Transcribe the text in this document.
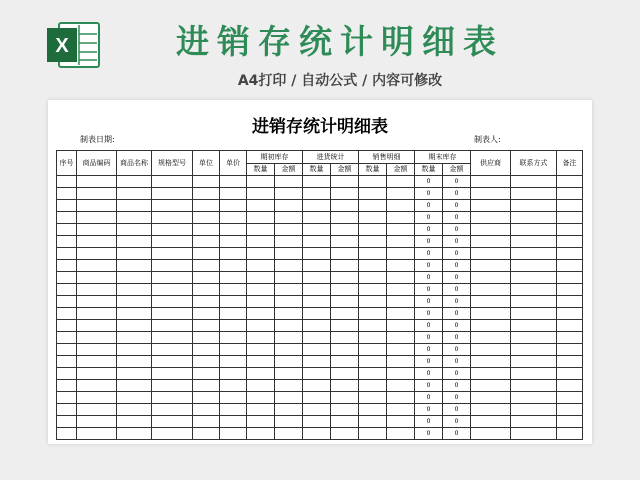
X	进销存统计明细表
A4打印 / 自动公式 / 内容可修改
进销存统计明细表
制表日期:	制表人:
序号	商品编码	商品名称	规格型号	单位	单价	期初库存		进货统计		销售明细		期末库存		供应商	联系方式	备注
						数量	金额	数量	金额	数量	金额	数量	金额			
												0	0			
												0	0			
												0	0			
												0	0			
												0	0			
												0	0			
												0	0			
												0	0			
												0	0			
												0	0			
												0	0			
												0	0			
												0	0			
												0	0			
												0	0			
												0	0			
												0	0			
												0	0			
												0	0			
												0	0			
												0	0			
												0	0			
